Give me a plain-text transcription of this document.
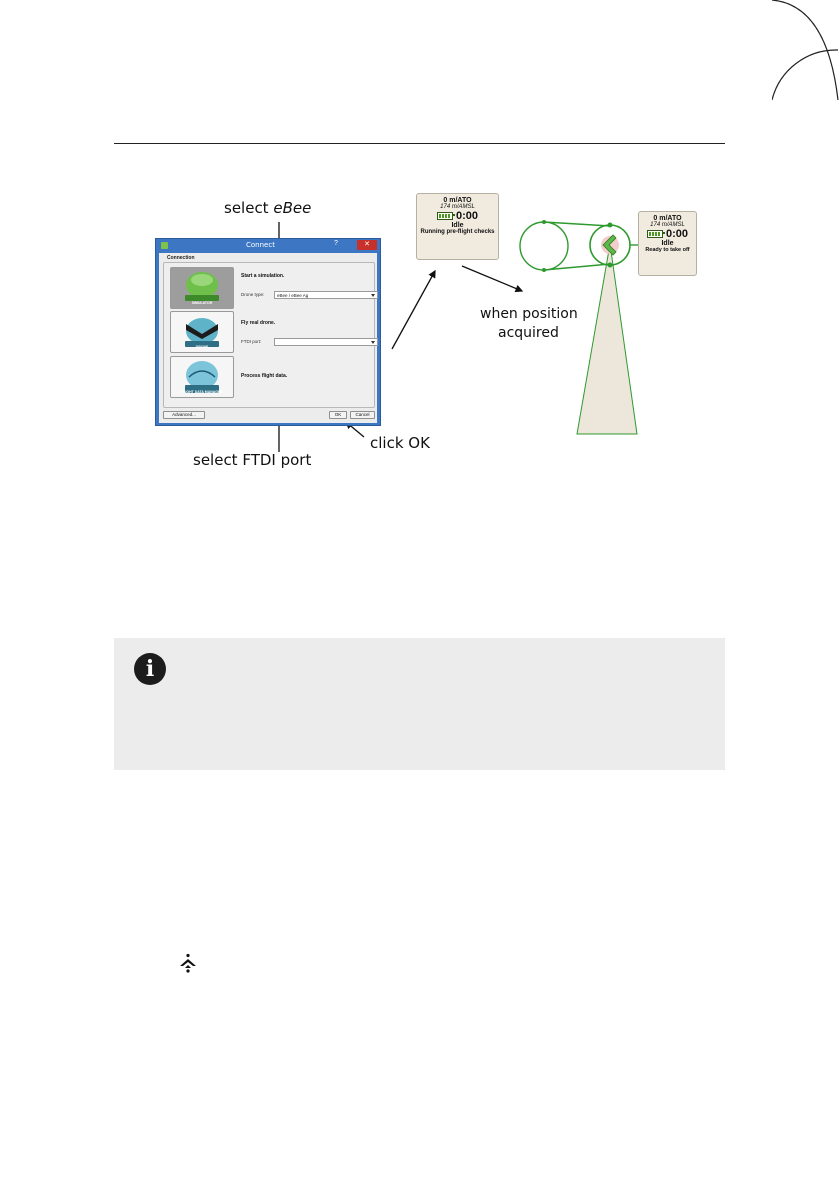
Connect	?	✕
Connection
SIMULATOR
Start a simulation.
Drone type:	eBee / eBee Ag
DRONE
Fly real drone.
FTDI port:
FLIGHT DATA MANAGER
Process flight data.
Advanced...	OK	Cancel
select eBee
select FTDI port
click OK
when position
acquired
0 m/ATO
174 m/AMSL
0:00
Idle
Running pre-flight checks
0 m/ATO
174 m/AMSL
0:00
Idle
Ready to take off
i
